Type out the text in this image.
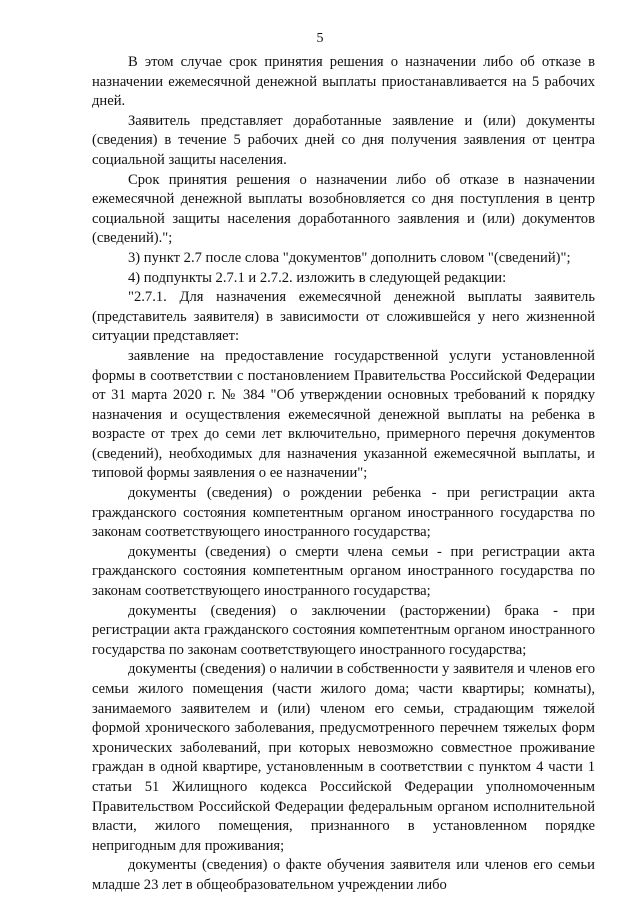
5

В этом случае срок принятия решения о назначении либо об отказе в назначении ежемесячной денежной выплаты приостанавливается на 5 рабочих дней.

Заявитель представляет доработанные заявление и (или) документы (сведения) в течение 5 рабочих дней со дня получения заявления от центра социальной защиты населения.

Срок принятия решения о назначении либо об отказе в назначении ежемесячной денежной выплаты возобновляется со дня поступления в центр социальной защиты населения доработанного заявления и (или) документов (сведений).";

3) пункт 2.7 после слова "документов" дополнить словом "(сведений)";

4) подпункты 2.7.1 и 2.7.2. изложить в следующей редакции:

"2.7.1. Для назначения ежемесячной денежной выплаты заявитель (представитель заявителя) в зависимости от сложившейся у него жизненной ситуации представляет:

заявление на предоставление государственной услуги установленной формы в соответствии с постановлением Правительства Российской Федерации от 31 марта 2020 г. № 384 "Об утверждении основных требований к порядку назначения и осуществления ежемесячной денежной выплаты на ребенка в возрасте от трех до семи лет включительно, примерного перечня документов (сведений), необходимых для назначения указанной ежемесячной выплаты, и типовой формы заявления о ее назначении";

документы (сведения) о рождении ребенка - при регистрации акта гражданского состояния компетентным органом иностранного государства по законам соответствующего иностранного государства;

документы (сведения) о смерти члена семьи - при регистрации акта гражданского состояния компетентным органом иностранного государства по законам соответствующего иностранного государства;

документы (сведения) о заключении (расторжении) брака - при регистрации акта гражданского состояния компетентным органом иностранного государства по законам соответствующего иностранного государства;

документы (сведения) о наличии в собственности у заявителя и членов его семьи жилого помещения (части жилого дома; части квартиры; комнаты), занимаемого заявителем и (или) членом его семьи, страдающим тяжелой формой хронического заболевания, предусмотренного перечнем тяжелых форм хронических заболеваний, при которых невозможно совместное проживание граждан в одной квартире, установленным в соответствии с пунктом 4 части 1 статьи 51 Жилищного кодекса Российской Федерации уполномоченным Правительством Российской Федерации федеральным органом исполнительной власти, жилого помещения, признанного в установленном порядке непригодным для проживания;

документы (сведения) о факте обучения заявителя или членов его семьи младше 23 лет в общеобразовательном учреждении либо
